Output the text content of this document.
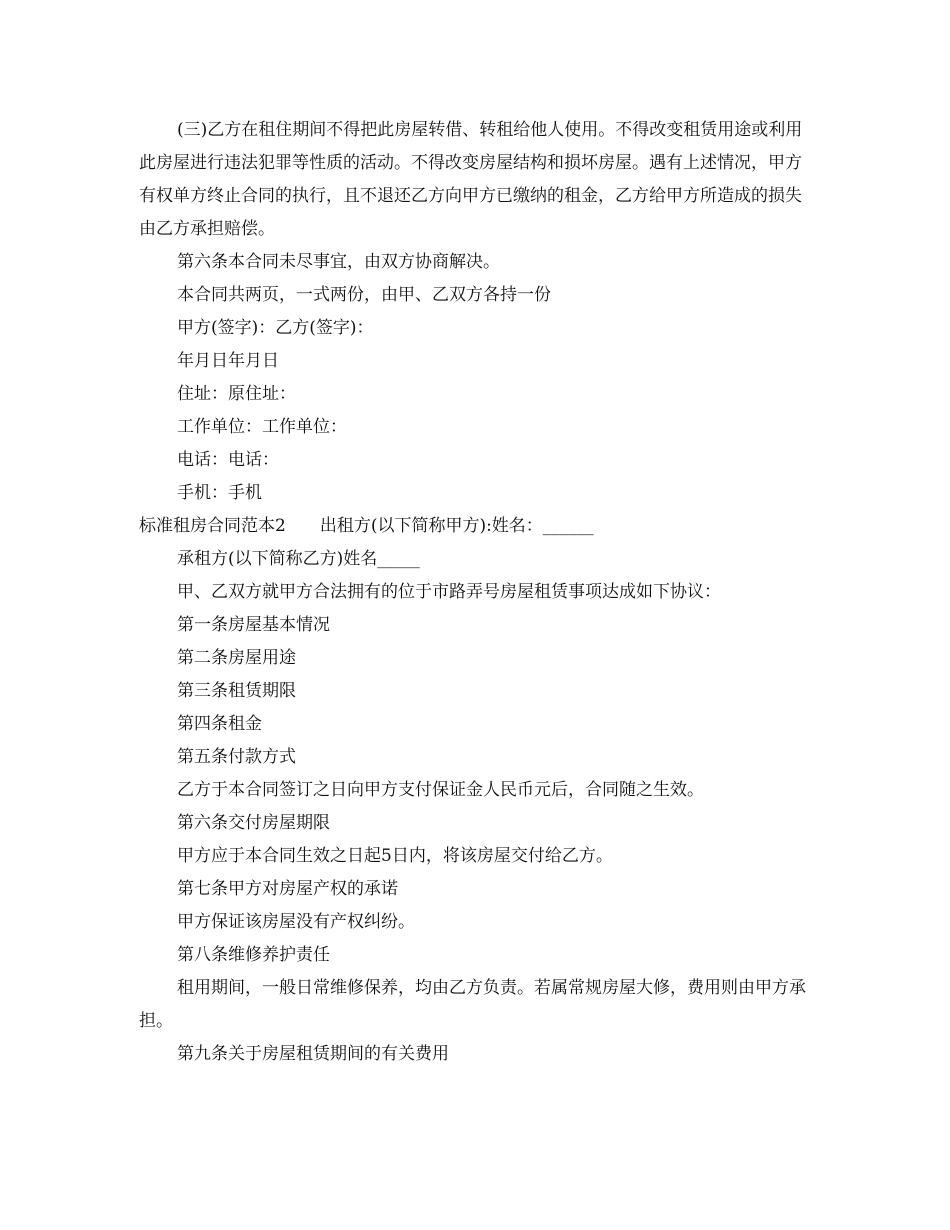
(三)乙方在租住期间不得把此房屋转借、转租给他人使用。不得改变租赁用途或利用此房屋进行违法犯罪等性质的活动。不得改变房屋结构和损坏房屋。遇有上述情况，甲方有权单方终止合同的执行，且不退还乙方向甲方已缴纳的租金，乙方给甲方所造成的损失由乙方承担赔偿。

第六条本合同未尽事宜，由双方协商解决。

本合同共两页，一式两份，由甲、乙双方各持一份

甲方(签字)：乙方(签字)：

年月日年月日

住址：原住址：

工作单位：工作单位：

电话：电话：

手机：手机

标准租房合同范本2　　出租方(以下简称甲方):姓名：______

承租方(以下简称乙方)姓名_____

甲、乙双方就甲方合法拥有的位于市路弄号房屋租赁事项达成如下协议：

第一条房屋基本情况

第二条房屋用途

第三条租赁期限

第四条租金

第五条付款方式

乙方于本合同签订之日向甲方支付保证金人民币元后，合同随之生效。

第六条交付房屋期限

甲方应于本合同生效之日起5日内，将该房屋交付给乙方。

第七条甲方对房屋产权的承诺

甲方保证该房屋没有产权纠纷。

第八条维修养护责任

租用期间，一般日常维修保养，均由乙方负责。若属常规房屋大修，费用则由甲方承担。

第九条关于房屋租赁期间的有关费用
